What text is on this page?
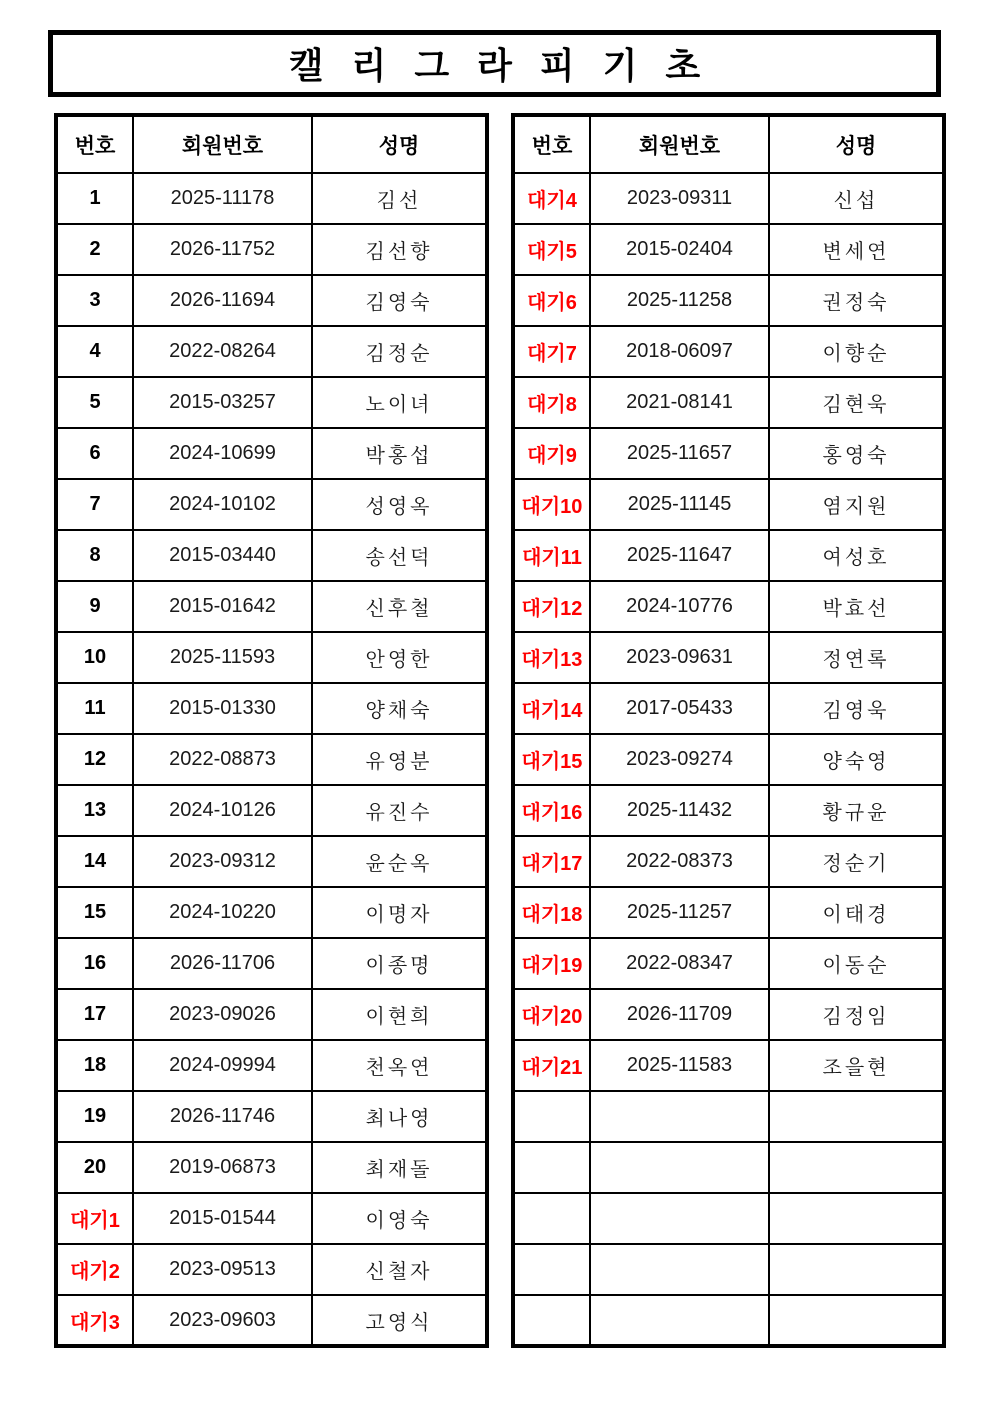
캘 리 그 라 피 기 초
번호	회원번호	성명
1	2025-11178	김선
2	2026-11752	김선향
3	2026-11694	김영숙
4	2022-08264	김정순
5	2015-03257	노이녀
6	2024-10699	박홍섭
7	2024-10102	성영옥
8	2015-03440	송선덕
9	2015-01642	신후철
10	2025-11593	안영한
11	2015-01330	양채숙
12	2022-08873	유영분
13	2024-10126	유진수
14	2023-09312	윤순옥
15	2024-10220	이명자
16	2026-11706	이종명
17	2023-09026	이현희
18	2024-09994	천옥연
19	2026-11746	최나영
20	2019-06873	최재돌
대기1	2015-01544	이영숙
대기2	2023-09513	신철자
대기3	2023-09603	고영식
번호	회원번호	성명
대기4	2023-09311	신섭
대기5	2015-02404	변세연
대기6	2025-11258	권정숙
대기7	2018-06097	이향순
대기8	2021-08141	김현욱
대기9	2025-11657	홍영숙
대기10	2025-11145	염지원
대기11	2025-11647	여성호
대기12	2024-10776	박효선
대기13	2023-09631	정연록
대기14	2017-05433	김영욱
대기15	2023-09274	양숙영
대기16	2025-11432	황규윤
대기17	2022-08373	정순기
대기18	2025-11257	이태경
대기19	2022-08347	이동순
대기20	2026-11709	김정임
대기21	2025-11583	조을현
